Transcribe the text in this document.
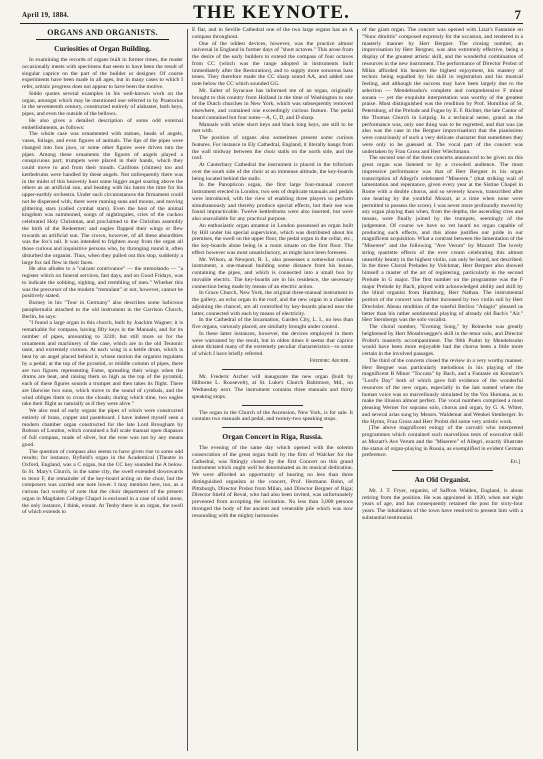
April 19, 1884.	THE KEYNOTE.	7
ORGANS AND ORGANISTS.
Curiosities of Organ Building.

In examining the records of organs built in former times, the reader occasionally meets with specimens that seem to have been the result of singular caprice on the part of the builder or designer. Of course experiments have been made in all ages, but in many cases to which I refer, artistic progress does not appear to have been the motive.

Siddo quotes several examples in his well-known work on the organ, amongst which may be mentioned one referred to by Praetorius in the seventeenth century, constructed entirely of alabaster, both keys, pipes, and even the outside of the bellows.

He also gives a detailed description of some odd external embellishments, as follows:

The whole case was ornamented with statues, heads of angels, vases, foliage, and even figures of animals. The lips of the pipes were changed into lion jaws, or some other figures were driven into the pipes. Among these ornaments the figures of angels played a conspicuous part; trumpets were placed in their hands, which they could move to and from their mouth. Carillons (chimes) too and kettledrums were handled by these angels. Not unfrequently there was in the midst of this heavenly host some bigger angel soaring above the others as an artificial sun, and beating with his baton the time for his upper-earthly orchestra. Under such circumstances the firmament could not be dispensed with, there were running suns and moons, and moving glittering stars (called cymbal stars). Even the host of the animal kingdom was summoned, songs of nightingales, cries of the cuckoo celebrated Holy Christmas, and proclaimed to the Christian assembly the birth of the Redeemer; and eagles flapped their wings or flew towards an artificial sun. The crown, however, of all these absurdities was the fox's tail. It was intended to frighten away from the organ all those curious and inquisitive persons who, by thronging round it, often disturbed the organist. Thus, when they pulled out this stop, suddenly a large fox tail flew in their faces.

He also alludes to a "calcant contrivance" — the tremolando — "a register which on funeral services, fast days, and on Good Fridays, was to indicate the sobbing, sighing, and trembling of men." Whether this was the precursor of the modern "tremulant" or not, however, cannot be positively stated.

Burney in his "Tour in Germany" also describes some ludicrous paraphernalia attached to the old instrument in the Garrison Church, Berlin, he says:

"I found a large organ in this church, built by Joachim Wagner; it is remarkable for compass, having fifty keys in the Manuals, and for its number of pipes, amounting to 3220; but still more so for the ornaments and machinery of the case, which are in the old Teutonic taste, and extremely curious. At each wing is a kettle drum, which is beat by an angel placed behind it, whose motion the organist regulates by a pedal; at the top of the pyramid, or middle column of pipes, there are two figures representing Fame, spreading their wings when the drums are beat, and raising them so high as the top of the pyramid; each of these figures sounds a trumpet and then takes its flight. There are likewise two suns, which move to the sound of cymbals, and the wind obliges them to cross the clouds; during which time, two eagles take their flight as naturally as if they were alive."

We also read of early organs the pipes of which were constructed entirely of brass, copper and pasteboard. I have indeed myself seen a modern chamber organ constructed for the late Lord Brougham by Robson of London, which contained a full scale manual open diapason of full compass, made of silver, but the tone was not by any means good.

The question of compass also seems to have given rise to some odd results; for instance, Byfield's organ in the Academical (Theatre in Oxford, England, was a C organ, but the CC key sounded the A below. In St. Mary's Church, in the same city, the swell extended downwards to tenor F, the remainder of the key-board acting on the choir, but the composers was carried one note lower. I may mention here, too, as a curious fact worthy of note that the choir department of the present organ in Magdalen College Chapel is enclosed in a case of solid stone, the only instance, I think, extant. At Tenby there is an organ, the swell of which extends to

E flat, and in Seville Cathedral one of the two large organs has an A compass throughout.

One of the oddest devices, however, was the practice almost universal in England in former days of "short octaves." This arose from the desire of the early builders to extend the compass of four octaves from CC (which was the range adopted in instruments built immediately after the Restoration), and to supply more sonorous bass tones. They therefore made the CC sharp sound AA, and added one note below the CC which sounded GG.

Mr. Salter of Syracuse has informed me of an organ, originally brought to this country from Holland in the time of Washington to one of the Dutch churches in New York, which was subsequently removed elsewhere, and contained one exceedingly curious feature. The pedal board contained but four notes—A, C, D, and D sharp.

Manuals with white short keys and black long keys, are still to be met with.

The position of organs also sometimes present some curious features. For instance in Ely Cathedral, England, it literally hangs from the wall midway between the choir stalls on the north side, and the roof.

At Canterbury Cathedral the instrument is placed in the triforium over the south side of the choir at an immense altitude, the key-boards being located behind the stalls.

In the Panopticon organ, the first large four-manual concert instrument erected in London, two sets of duplicate manuals and pedals were introduced, with the view of enabling three players to perform simultaneously and thereby produce special effects, but their use was found impracticable. Twelve kettledrums were also inserted, but were also unavailable for any practical purpose.

An enthusiastic organ amateur in London possessed an organ built by Hill under his special supervision, which was distributed about his premises, the swell on the upper floor, the pedal organ in the cellar, etc., the key-boards alone being in a room situate on the first floor. The effect however was most unsatisfactory, as might have been foreseen.

Mr. Wilson, at Newport, R. I., also possesses a somewhat curious instrument, a one-manual building some distance from his house, containing the pipes, and which is connected into a small box by movable electric. The key-boards are in his residence, the necessary connection being made by means of an electric action.

In Grace Church, New York, the original three-manual instrument in the gallery, an echo organ in the roof, and the new organ in a chamber adjoining the chancel, are all controlled by key-boards placed near the latter, connected with each by means of electricity.

In the Cathedral of the Incarnation, Garden City, L. I., no less than five organs, variously placed, are similarly brought under control.

In these latter instances, however, the devices employed in them were warranted by the result, but in olden times it seems that caprice alone dictated many of the extremely peculiar characteristics—to some of which I have briefly referred.

Frederic Archer.

Mr. Frederic Archer will inaugurate the new organ (built by Hilborne L. Roosevelt), at St. Luke's Church Baltimore, Md., on Wednesday next. The instrument contains three manuals and thirty speaking stops.

The organ in the Church of the Ascension, New York, is for sale. It contains two manuals and pedal, and twenty-two speaking stops.

Organ Concert in Riga, Russia.

The evening of the same day which opened with the solemn consecration of the great organ built by the firm of Walcker for the Cathedral, was fittingly closed by the first Concert on this grand instrument which ought well be denominated as its musical dedication. We were afforded an opportunity of hearing no less than three distinguished organists at the concert, Prof. Hermann Bohn, of Pittsburgh, Director Probst from Milan, and Director Bergner of Riga; Director Stiehl of Reval, who had also been invited, was unfortunately prevented from accepting the invitation. No less than 3,000 persons thronged the body of the ancient and venerable pile which was now resounding with the mighty harmonies

of the giant organ. The concert was opened with Liszt's Fantaisie on "Nunc dimittis" composed expressly for the occasion, and rendered in a masterly manner by Herr Bergner. The closing number, an improvisation by Herr Bergner, was also extremely effective, being a display of the greatest artistic skill, and the wonderful combination of resources in the new instrument. The performance of Director Probst of Milan afforded his hearers the highest enjoyment, his mastery of technic being equalled by his skill in registration and his musical feeling, and although the success may have been largely due to the selection — Mendelssohn's complete and comprehensive F minor sonata — yet the exquisite interpretation was worthy of the greatest praise. Most distinguished was the rendition by Prof. Homilius of St. Petersburg, of the Prelude and Fugue by E. F. Richter, the late Cantor of the Thomas Church in Leipzig. In a technical sense, grand as the performance was, only one thing was to be regretted, and that was (as also was the case in the Bergner improvisation) that the pianissimo were consciously of such a very delicate character that sometimes they were only to be guessed at. The vocal part of the concert was undertaken by Frau Gross and Herr Wiechmann.

The second one of the three concerts announced to be given on this great organ was listened to by a crowded audience. The most impressive performance was that of Herr Bergner in his organ transcription of Allegri's celebrated "Miserere," (that striking wail of lamentation and repentance, given every year at the Sistine Chapel in Rome with a double chorus, and so severely known, transcribed after one hearing by the youthful Mozart, at a time when none were permitted to possess the score). I was never more profoundly moved by any organ playing than when, from the depths, the ascending cries and moans, were finally joined by the trumpets, seemingly of the judgement. Of course we have so vet heard no organ capable of producing such effects, and this alone justifies our pride in our magnificent acquisition. What a contrast between the lamentation of the "Miserere" and the following "Ave Verum" by Mozart! The lovely string quartette effects of the ever cream celebrating this almost unearthly beauty in the highest violin, can only be heard, not described. In the three Choral Preludes by Volckmar, Herr Bergner also showed himself a master of the art of registering, particularly in the second Prelude in G major. The first number on the programme was the F major Prelude by Bach, played with acknowledged ability and skill by the blind organist from Hamburg, Herr Nathan. The instrumental portion of the concert was further increased by two violin soli by Herr Drechsler. Abeau rendition of the tuneful Berlioz "Adagio" pleased us better than his rather sentimental playing of already old Bach's "Air." Herr Sternbergs was the solo vocalist.

The choral number, "Evening Song," by Reinecke was greatly heightened by Herr Mossbruegger's skill in the tenor solo, and Director Probst's masterly accompaniment. The 98th Psalm by Mendelssohn would have been more enjoyable had the chorus been a little more certain in the involved passages.

The third of the concerts closed the review in a very worthy manner. Herr Bergner was particularly melodious in his playing of the magnificent B Minor "Toccata" by Bach, and a Fantasie on Kreutzer's "Lord's Day" both of which gave full evidence of the wonderful resources of the new organ, especially in the last named where the human voice was so marvellously simulated by the Vox Humana, as to make the illusion almost perfect. The vocal numbers comprised a most pleasing Werner for soprano solo, chorus and organ, by G. A. Witter, and several arias sung by Messrs. Waldemar and Wenkel Stenberger. In the Hymn, Frau Gross and Herr Probst did some very artistic work.

[The above magnificent eulogy of the carvalri who interpreted programmes which contained such marvellous tests of executive skill as Mozart's Ave Verum and the "Miserere" of Allegri, exactly illustrate the status of organ-playing in Russia, as exemplified in evident German preference.

Ed.]
An Old Organist.

Mr. J. T. Fryer, organist, of Saffron Walden, England, is about retiring from the position. He was appointed in 1820, when not eight years of age, and has consequently retained the post for sixty-four years. The inhabitants of the town have resolved to present him with a substantial testimonial.
